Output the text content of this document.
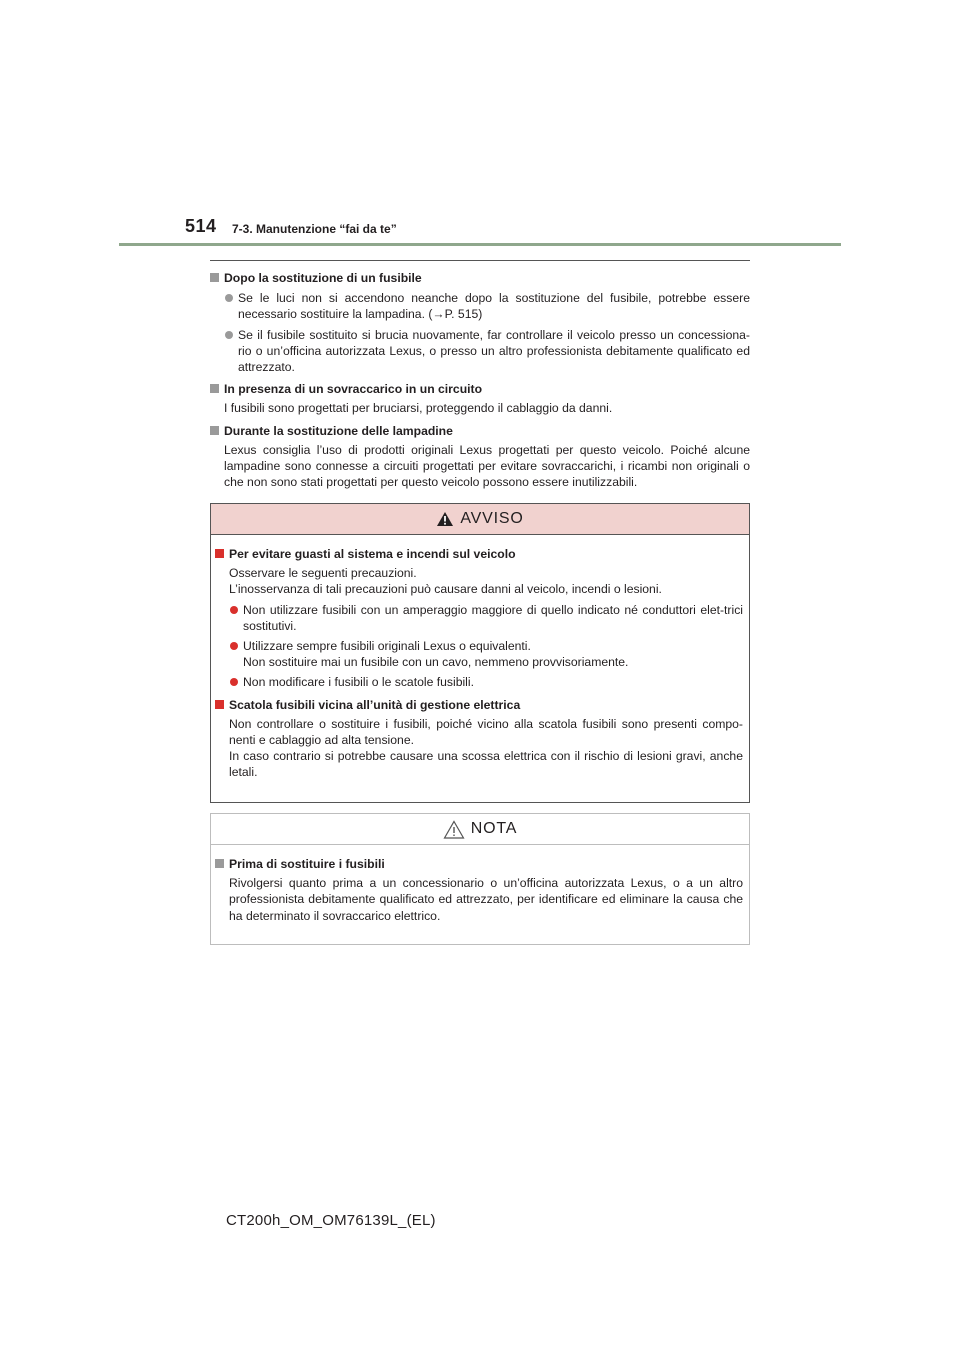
514 7-3. Manutenzione “fai da te”
Dopo la sostituzione di un fusibile
Se le luci non si accendono neanche dopo la sostituzione del fusibile, potrebbe essere necessario sostituire la lampadina. (→P. 515)
Se il fusibile sostituito si brucia nuovamente, far controllare il veicolo presso un concessiona-rio o un’officina autorizzata Lexus, o presso un altro professionista debitamente qualificato ed attrezzato.
In presenza di un sovraccarico in un circuito
I fusibili sono progettati per bruciarsi, proteggendo il cablaggio da danni.
Durante la sostituzione delle lampadine
Lexus consiglia l’uso di prodotti originali Lexus progettati per questo veicolo. Poiché alcune lampadine sono connesse a circuiti progettati per evitare sovraccarichi, i ricambi non originali o che non sono stati progettati per questo veicolo possono essere inutilizzabili.
AVVISO
Per evitare guasti al sistema e incendi sul veicolo
Osservare le seguenti precauzioni.
L’inosservanza di tali precauzioni può causare danni al veicolo, incendi o lesioni.
Non utilizzare fusibili con un amperaggio maggiore di quello indicato né conduttori elet-trici sostitutivi.
Utilizzare sempre fusibili originali Lexus o equivalenti.
Non sostituire mai un fusibile con un cavo, nemmeno provvisoriamente.
Non modificare i fusibili o le scatole fusibili.
Scatola fusibili vicina all’unità di gestione elettrica
Non controllare o sostituire i fusibili, poiché vicino alla scatola fusibili sono presenti compo-nenti e cablaggio ad alta tensione.
In caso contrario si potrebbe causare una scossa elettrica con il rischio di lesioni gravi, anche letali.
NOTA
Prima di sostituire i fusibili
Rivolgersi quanto prima a un concessionario o un’officina autorizzata Lexus, o a un altro professionista debitamente qualificato ed attrezzato, per identificare ed eliminare la causa che ha determinato il sovraccarico elettrico.
CT200h_OM_OM76139L_(EL)
